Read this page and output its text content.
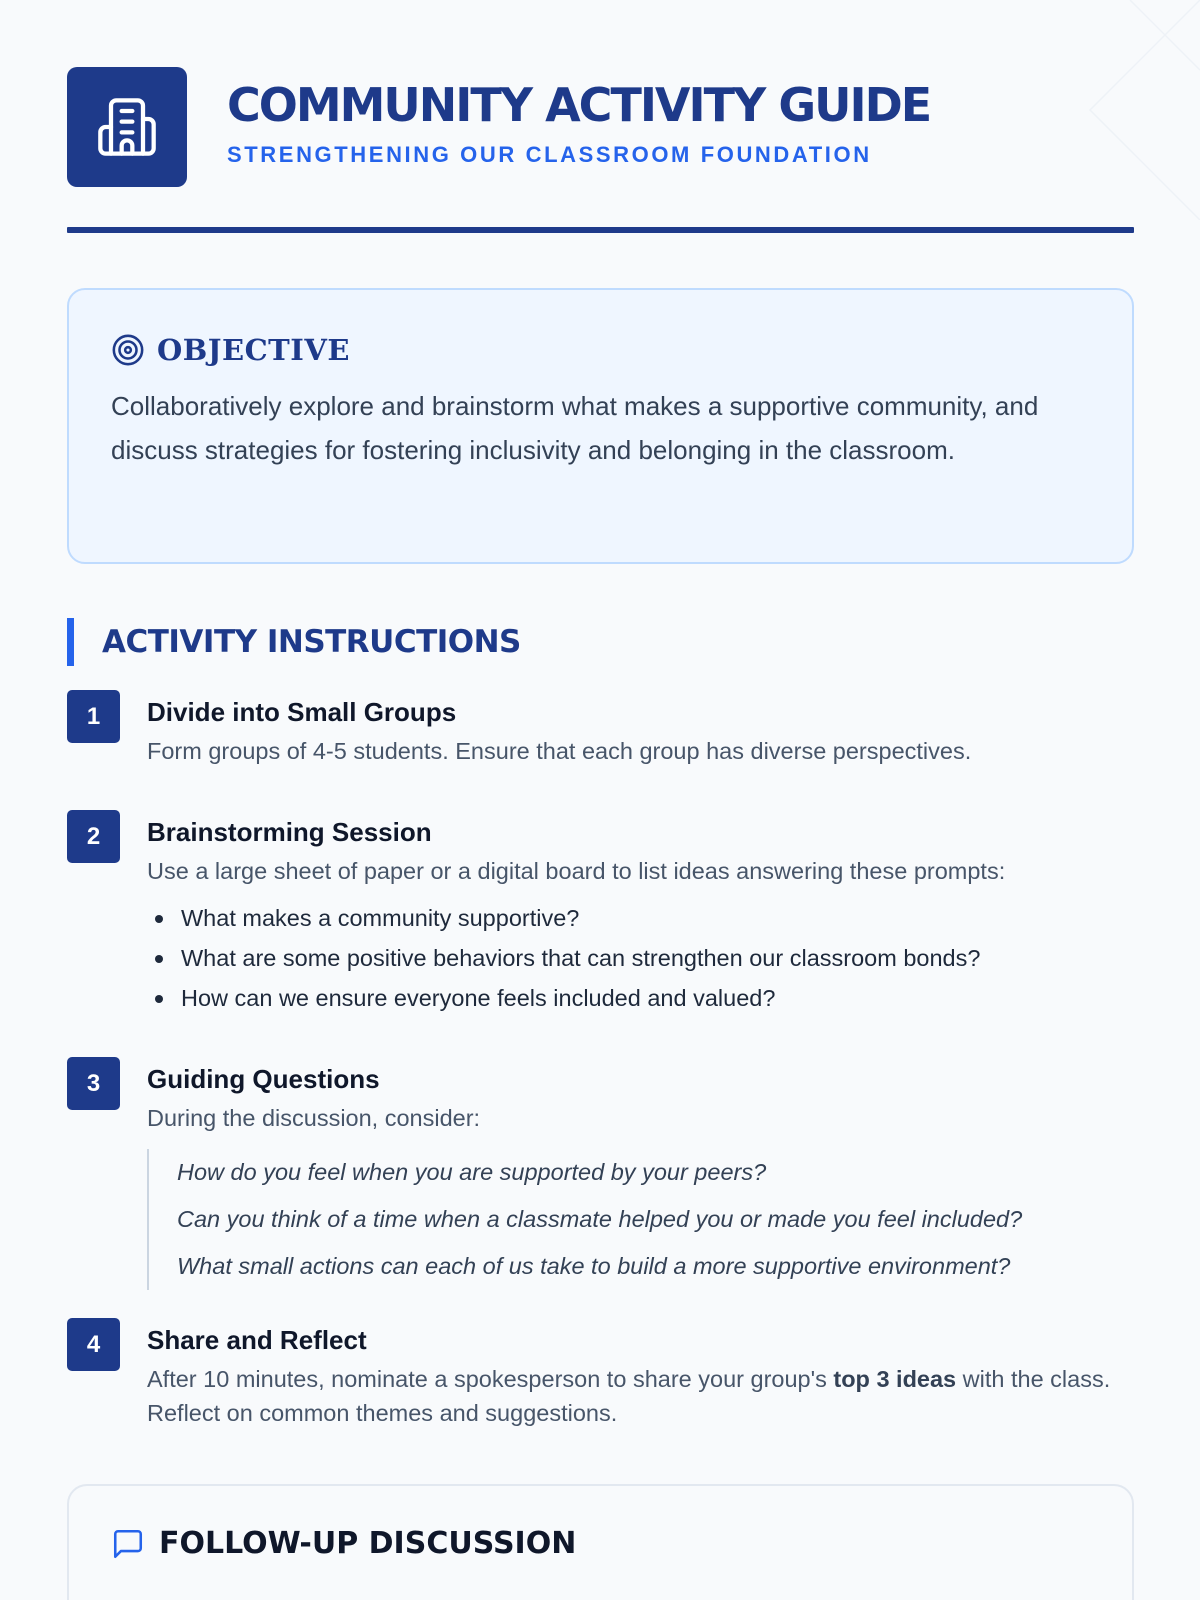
COMMUNITY ACTIVITY GUIDE
STRENGTHENING OUR CLASSROOM FOUNDATION
OBJECTIVE
Collaboratively explore and brainstorm what makes a supportive community, and discuss strategies for fostering inclusivity and belonging in the classroom.
ACTIVITY INSTRUCTIONS
1	Divide into Small Groups
Form groups of 4-5 students. Ensure that each group has diverse perspectives.
2	Brainstorming Session
Use a large sheet of paper or a digital board to list ideas answering these prompts:
What makes a community supportive?
What are some positive behaviors that can strengthen our classroom bonds?
How can we ensure everyone feels included and valued?
3	Guiding Questions
During the discussion, consider:
How do you feel when you are supported by your peers?
Can you think of a time when a classmate helped you or made you feel included?
What small actions can each of us take to build a more supportive environment?
4	Share and Reflect
After 10 minutes, nominate a spokesperson to share your group's top 3 ideas with the class. Reflect on common themes and suggestions.
FOLLOW-UP DISCUSSION
